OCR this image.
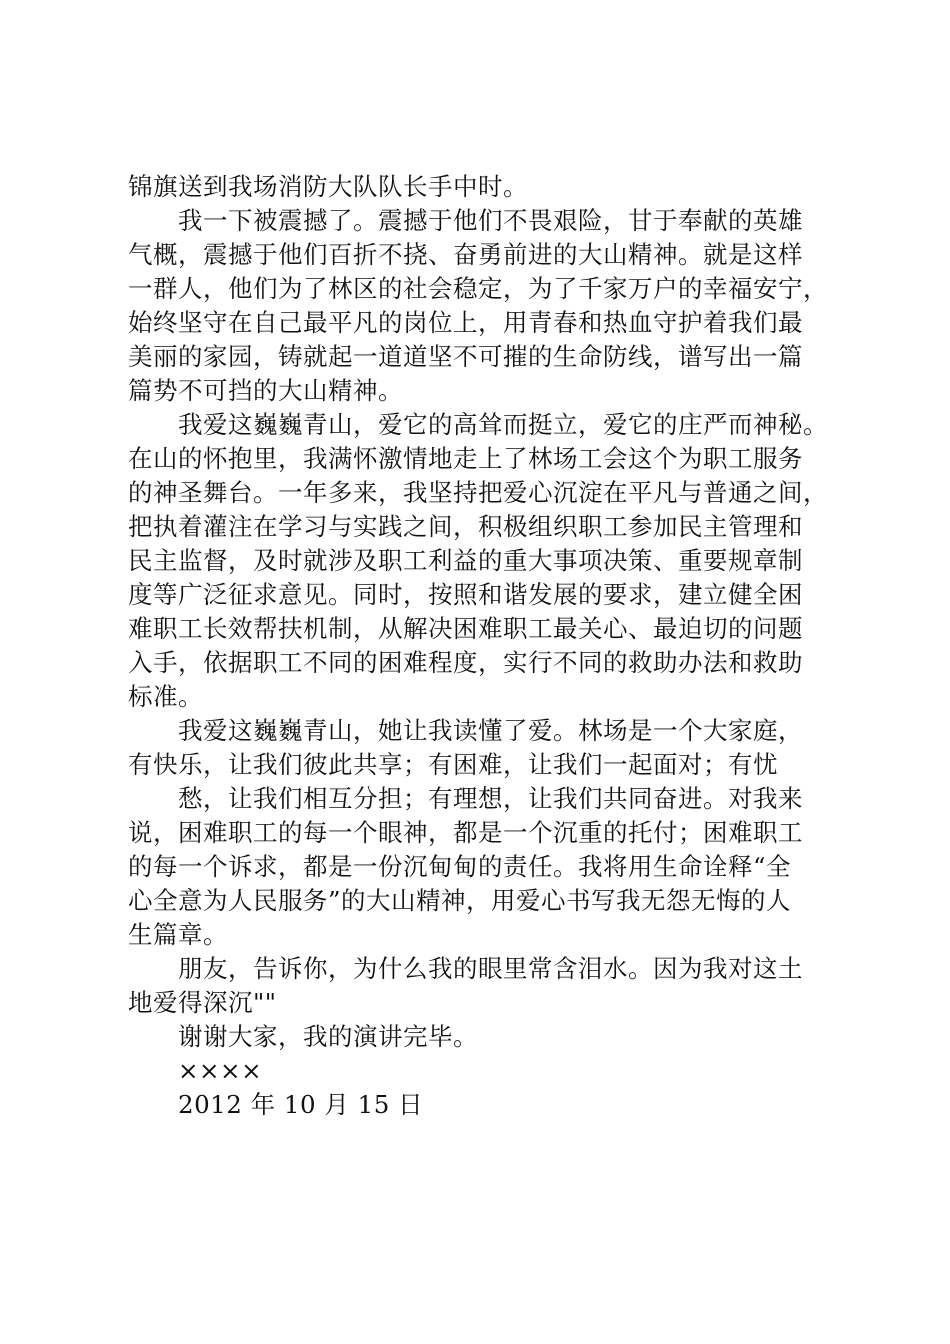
锦旗送到我场消防大队队长手中时。
我一下被震撼了。震撼于他们不畏艰险，甘于奉献的英雄
气概，震撼于他们百折不挠、奋勇前进的大山精神。就是这样
一群人，他们为了林区的社会稳定，为了千家万户的幸福安宁，
始终坚守在自己最平凡的岗位上，用青春和热血守护着我们最
美丽的家园，铸就起一道道坚不可摧的生命防线，谱写出一篇
篇势不可挡的大山精神。
我爱这巍巍青山，爱它的高耸而挺立，爱它的庄严而神秘。
在山的怀抱里，我满怀激情地走上了林场工会这个为职工服务
的神圣舞台。一年多来，我坚持把爱心沉淀在平凡与普通之间，
把执着灌注在学习与实践之间，积极组织职工参加民主管理和
民主监督，及时就涉及职工利益的重大事项决策、重要规章制
度等广泛征求意见。同时，按照和谐发展的要求，建立健全困
难职工长效帮扶机制，从解决困难职工最关心、最迫切的问题
入手，依据职工不同的困难程度，实行不同的救助办法和救助
标准。
我爱这巍巍青山，她让我读懂了爱。林场是一个大家庭，
有快乐，让我们彼此共享；有困难，让我们一起面对；有忧
愁，让我们相互分担；有理想，让我们共同奋进。对我来
说，困难职工的每一个眼神，都是一个沉重的托付；困难职工
的每一个诉求，都是一份沉甸甸的责任。我将用生命诠释“全
心全意为人民服务”的大山精神，用爱心书写我无怨无悔的人
生篇章。
朋友，告诉你，为什么我的眼里常含泪水。因为我对这土
地爱得深沉""
谢谢大家，我的演讲完毕。
××××
2012 年 10 月 15 日
